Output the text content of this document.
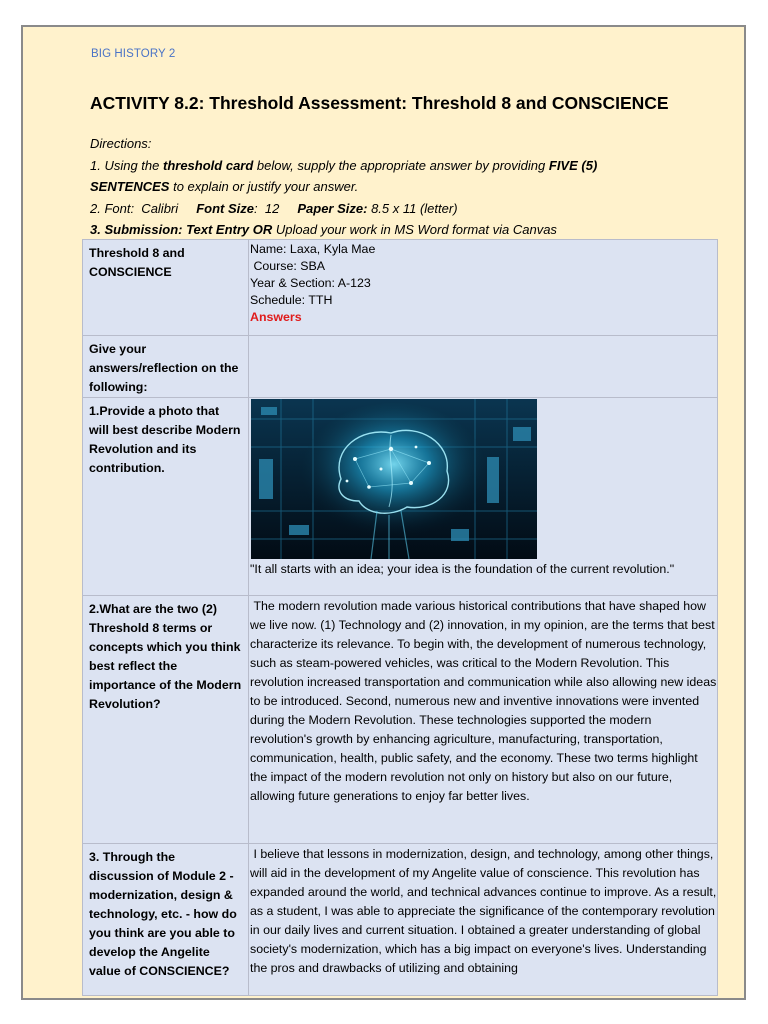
BIG HISTORY 2
ACTIVITY 8.2: Threshold Assessment: Threshold 8 and CONSCIENCE

Directions:

1. Using the threshold card below, supply the appropriate answer by providing FIVE (5)

SENTENCES to explain or justify your answer.

2. Font:  Calibri     Font Size:  12     Paper Size: 8.5 x 11 (letter)

3. Submission: Text Entry OR Upload your work in MS Word format via Canvas

Threshold 8 and CONSCIENCE	Name: Laxa, Kyla Mae
Course: SBA
Year & Section: A-123
Schedule: TTH
Answers

Give your answers/reflection on the following:	
1.Provide a photo that will best describe Modern Revolution and its contribution.	"It all starts with an idea; your idea is the foundation of the current revolution."

2.What are the two (2) Threshold 8 terms or concepts which you think best reflect the importance of the Modern Revolution?	The modern revolution made various historical contributions that have shaped how we live now. (1) Technology and (2) innovation, in my opinion, are the terms that best characterize its relevance. To begin with, the development of numerous technology, such as steam-powered vehicles, was critical to the Modern Revolution. This revolution increased transportation and communication while also allowing new ideas to be introduced. Second, numerous new and inventive innovations were invented during the Modern Revolution. These technologies supported the modern revolution's growth by enhancing agriculture, manufacturing, transportation, communication, health, public safety, and the economy. These two terms highlight the impact of the modern revolution not only on history but also on our future, allowing future generations to enjoy far better lives.
3. Through the discussion of Module 2 - modernization, design & technology, etc. - how do you think are you able to develop the Angelite value of CONSCIENCE?	I believe that lessons in modernization, design, and technology, among other things, will aid in the development of my Angelite value of conscience. This revolution has expanded around the world, and technical advances continue to improve. As a result, as a student, I was able to appreciate the significance of the contemporary revolution in our daily lives and current situation. I obtained a greater understanding of global society's modernization, which has a big impact on everyone's lives. Understanding the pros and drawbacks of utilizing and obtaining
